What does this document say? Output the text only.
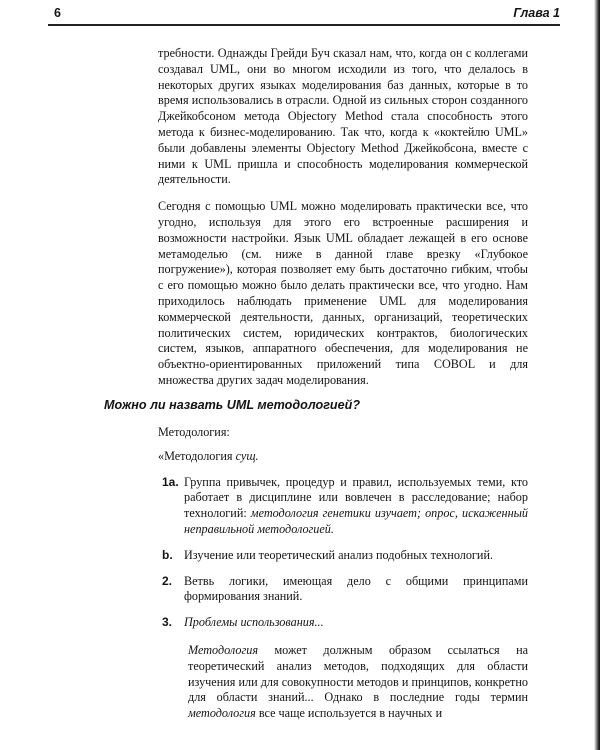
6	Глава 1

требности. Однажды Грейди Буч сказал нам, что, когда он с коллегами создавал UML, они во многом исходили из того, что делалось в некоторых других языках моделирования баз данных, которые в то время использовались в отрасли. Одной из сильных сторон созданного Джейкобсоном метода Objectory Method стала способность этого метода к бизнес-моделированию. Так что, когда к «коктейлю UML» были добавлены элементы Objectory Method Джейкобсона, вместе с ними к UML пришла и способность моделирования коммерческой деятельности.

Сегодня с помощью UML можно моделировать практически все, что угодно, используя для этого его встроенные расширения и возможности настройки. Язык UML обладает лежащей в его основе метамоделью (см. ниже в данной главе врезку «Глубокое погружение»), которая позволяет ему быть достаточно гибким, чтобы с его помощью можно было делать практически все, что угодно. Нам приходилось наблюдать применение UML для моделирования коммерческой деятельности, данных, организаций, теоретических политических систем, юридических контрактов, биологических систем, языков, аппаратного обеспечения, для моделирования не объектно-ориентированных приложений типа COBOL и для множества других задач моделирования.

Можно ли назвать UML методологией?

Методология:

«Методология сущ.

1a. Группа привычек, процедур и правил, используемых теми, кто работает в дисциплине или вовлечен в расследование; набор технологий: методология генетики изучает; опрос, искаженный неправильной методологией.
b. Изучение или теоретический анализ подобных технологий.
2. Ветвь логики, имеющая дело с общими принципами формирования знаний.
3. Проблемы использования...

Методология может должным образом ссылаться на теоретический анализ методов, подходящих для области изучения или для совокупности методов и принципов, конкретно для области знаний... Однако в последние годы термин методология все чаще используется в научных и
